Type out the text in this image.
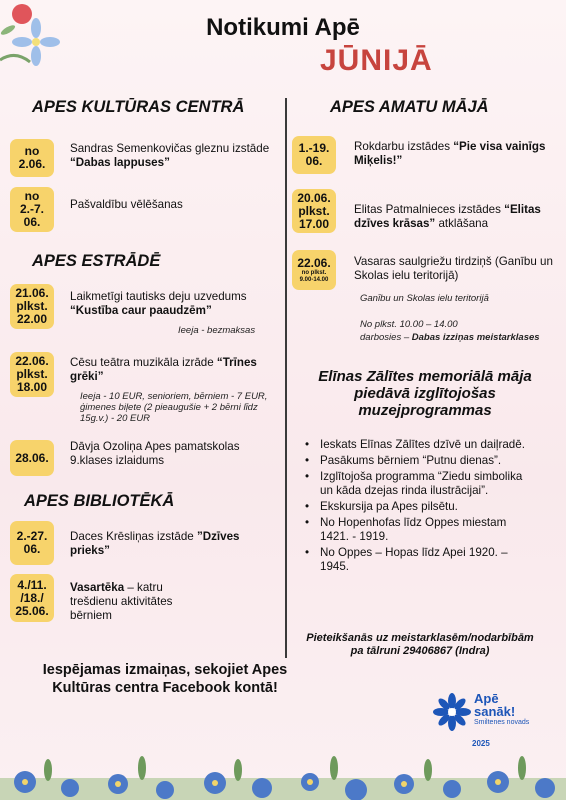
Notikumi Apē
JŪNIJĀ
APES KULTŪRAS CENTRĀ
no
2.06.
Sandras Semenkovičas gleznu izstāde “Dabas lappuses”
no
2.-7.
06.
Pašvaldību vēlēšanas
APES ESTRĀDĒ
21.06.
plkst.
22.00
Laikmetīgi tautisks deju uzvedums “Kustība caur paaudzēm”
Ieeja - bezmaksas
22.06.
plkst.
18.00
Cēsu teātra muzikāla izrāde “Trīnes grēki”
Ieeja - 10 EUR, senioriem, bērniem - 7 EUR, ģimenes biļete (2 pieaugušie + 2 bērni līdz 15g.v.) - 20 EUR
28.06.
Dāvja Ozoliņa Apes pamatskolas 9.klases izlaidums
APES BIBLIOTĒKĀ
2.-27.
06.
Daces Krēsliņas izstāde ”Dzīves prieks”
4./11.
/18./
25.06.
Vasartēka – katru trešdienu aktivitātes bērniem
Iespējamas izmaiņas, sekojiet Apes Kultūras centra Facebook kontā!
APES AMATU MĀJĀ
1.-19.
06.
Rokdarbu izstādes “Pie visa vainīgs Miķelis!”
20.06.
plkst.
17.00
Elitas Patmalnieces izstādes “Elitas dzīves krāsas” atklāšana
22.06.
no plkst.
9.00-14.00
Vasaras saulgriežu tirdziņš (Ganību un Skolas ielu teritorijā)
Ganību un Skolas ielu teritorijā
No plkst. 10.00 – 14.00
darbosies – Dabas izziņas meistarklases
Elīnas Zālītes memoriālā māja piedāvā izglītojošas muzejprogrammas
• Ieskats Elīnas Zālītes dzīvē un daiļradē.
• Pasākums bērniem “Putnu dienas”.
• Izglītojoša programma “Ziedu simbolika un kāda dzejas rinda ilustrācijai”.
• Ekskursija pa Apes pilsētu.
• No Hopenhofas līdz Oppes miestam 1421. - 1919.
• No Oppes – Hopas līdz Apei 1920. – 1945.
Pieteikšanās uz meistarklasēm/nodarbībām pa tālruni 29406867 (Indra)
Apē
sanāk!
Smiltenes novads
2025
